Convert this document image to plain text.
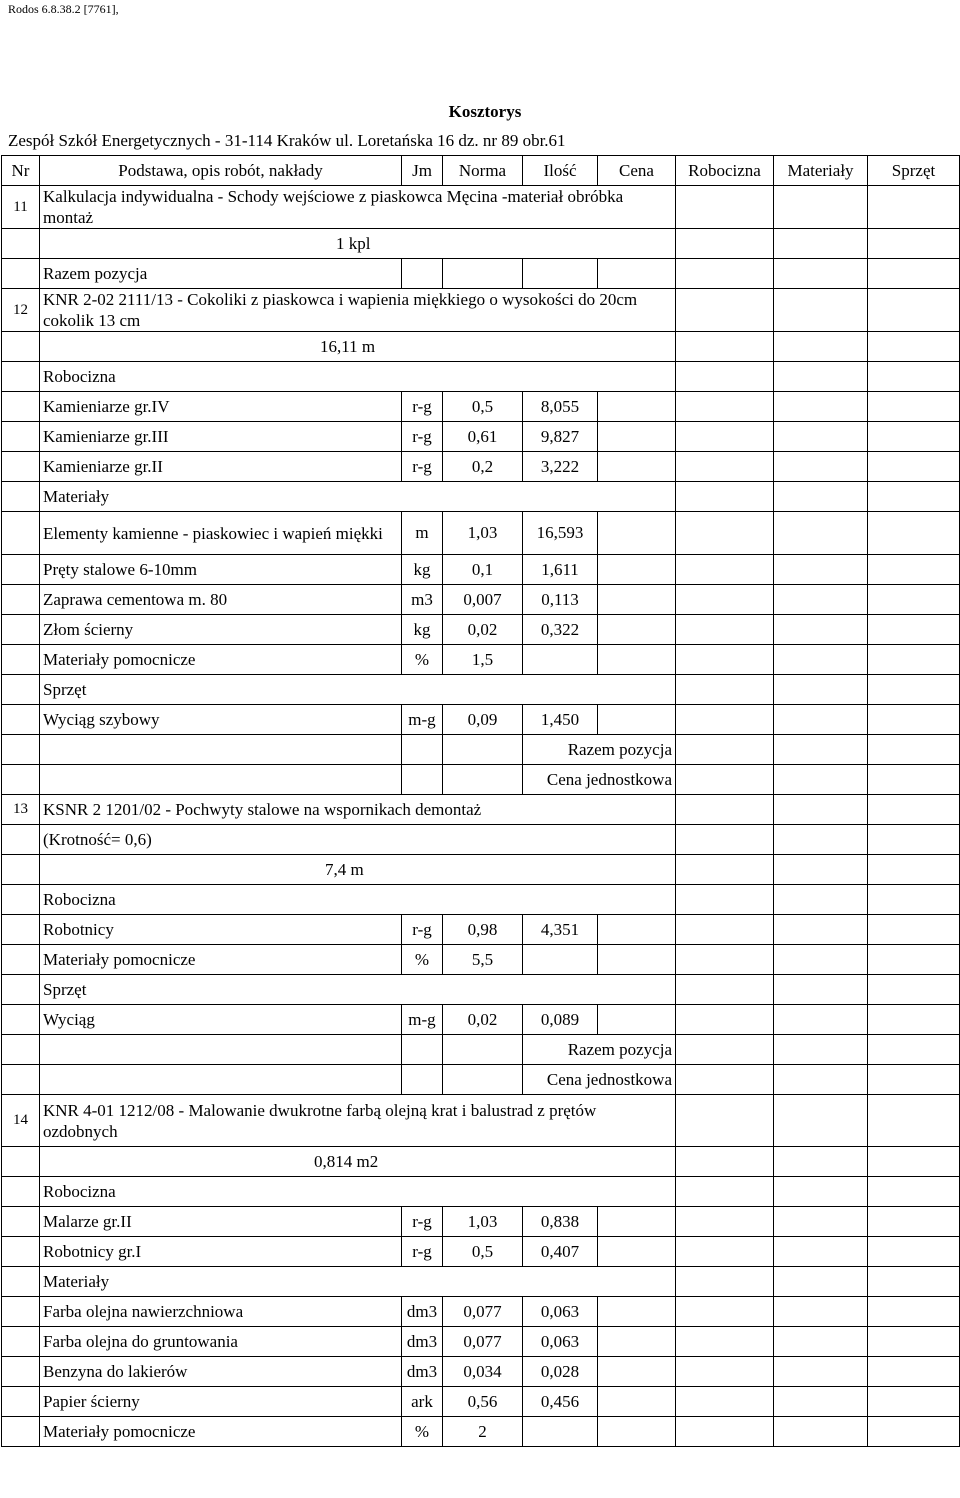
Rodos 6.8.38.2 [7761],
Kosztorys
Zespół Szkół Energetycznych - 31-114 Kraków ul. Loretańska 16 dz. nr 89 obr.61
Nr	Podstawa, opis robót, nakłady	Jm	Norma	Ilość	Cena	Robocizna	Materiały	Sprzęt
11	Kalkulacja indywidualna - Schody wejściowe z piaskowca Męcina -materiał obróbka montaż							
	1 kpl							
	Razem pozycja							
12	KNR 2-02 2111/13 - Cokoliki z piaskowca i wapienia miękkiego o wysokości do 20cm cokolik 13 cm							
	16,11 m							
	Robocizna							
	Kamieniarze gr.IV	r-g	0,5	8,055				
	Kamieniarze gr.III	r-g	0,61	9,827				
	Kamieniarze gr.II	r-g	0,2	3,222				
	Materiały							
	Elementy kamienne - piaskowiec i wapień miękki	m	1,03	16,593				
	Pręty stalowe 6-10mm	kg	0,1	1,611				
	Zaprawa cementowa m. 80	m3	0,007	0,113				
	Złom ścierny	kg	0,02	0,322				
	Materiały pomocnicze	%	1,5					
	Sprzęt							
	Wyciąg szybowy	m-g	0,09	1,450				
				Razem pozycja				
				Cena jednostkowa				
13	KSNR 2 1201/02 - Pochwyty stalowe na wspornikach demontaż							
	(Krotność= 0,6)							
	7,4 m							
	Robocizna							
	Robotnicy	r-g	0,98	4,351				
	Materiały pomocnicze	%	5,5					
	Sprzęt							
	Wyciąg	m-g	0,02	0,089				
				Razem pozycja				
				Cena jednostkowa				
14	KNR 4-01 1212/08 - Malowanie dwukrotne farbą olejną krat i balustrad z prętów ozdobnych							
	0,814 m2							
	Robocizna							
	Malarze gr.II	r-g	1,03	0,838				
	Robotnicy gr.I	r-g	0,5	0,407				
	Materiały							
	Farba olejna nawierzchniowa	dm3	0,077	0,063				
	Farba olejna do gruntowania	dm3	0,077	0,063				
	Benzyna do lakierów	dm3	0,034	0,028				
	Papier ścierny	ark	0,56	0,456				
	Materiały pomocnicze	%	2					
